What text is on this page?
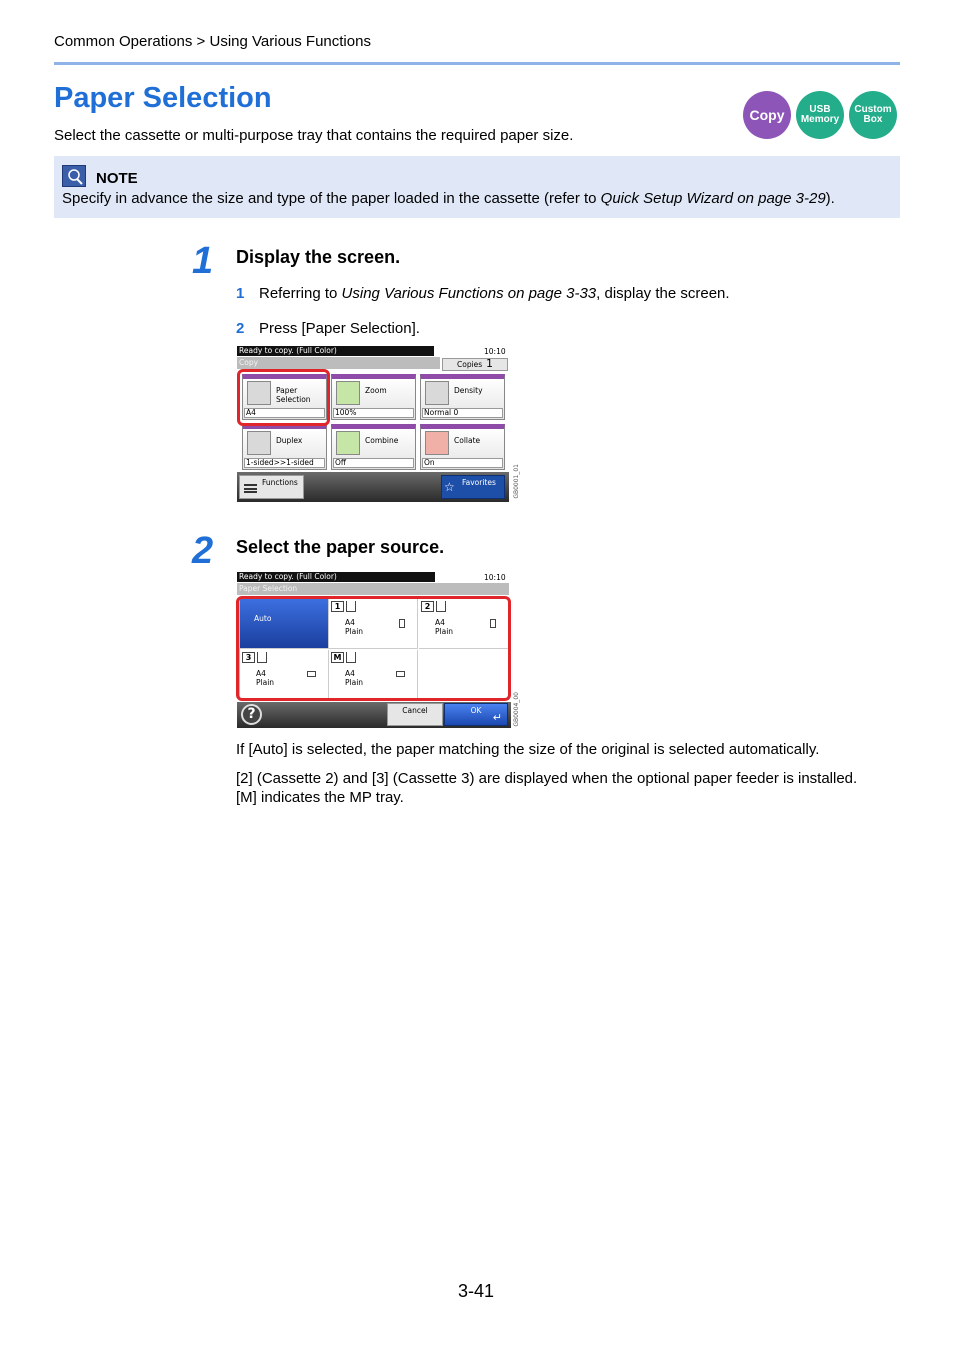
Common Operations > Using Various Functions
Paper Selection

Select the cassette or multi-purpose tray that contains the required paper size.

Copy	USB
Memory
Custom
Box
NOTE
Specify in advance the size and type of the paper loaded in the cassette (refer to Quick Setup Wizard on page 3-29).
1 Display the screen.
1 Referring to Using Various Functions on page 3-33, display the screen.
2 Press [Paper Selection].
Ready to copy. (Full Color)	10:10
Copy	Copies 1
Paper
Selection
A4
Zoom
100%
Density
Normal 0
Duplex
1-sided>>1-sided
Combine
Off
Collate
On
Functions	☆ Favorites	GB0001_01
2 Select the paper source.
Ready to copy. (Full Color)	10:10
Paper Selection
Auto
1
A4
Plain
2
A4
Plain
3
A4
Plain
M
A4
Plain
?	Cancel	OK
↵ GB0004_00

If [Auto] is selected, the paper matching the size of the original is selected automatically.

[2] (Cassette 2) and [3] (Cassette 3) are displayed when the optional paper feeder is installed.

[M] indicates the MP tray.

3-41
